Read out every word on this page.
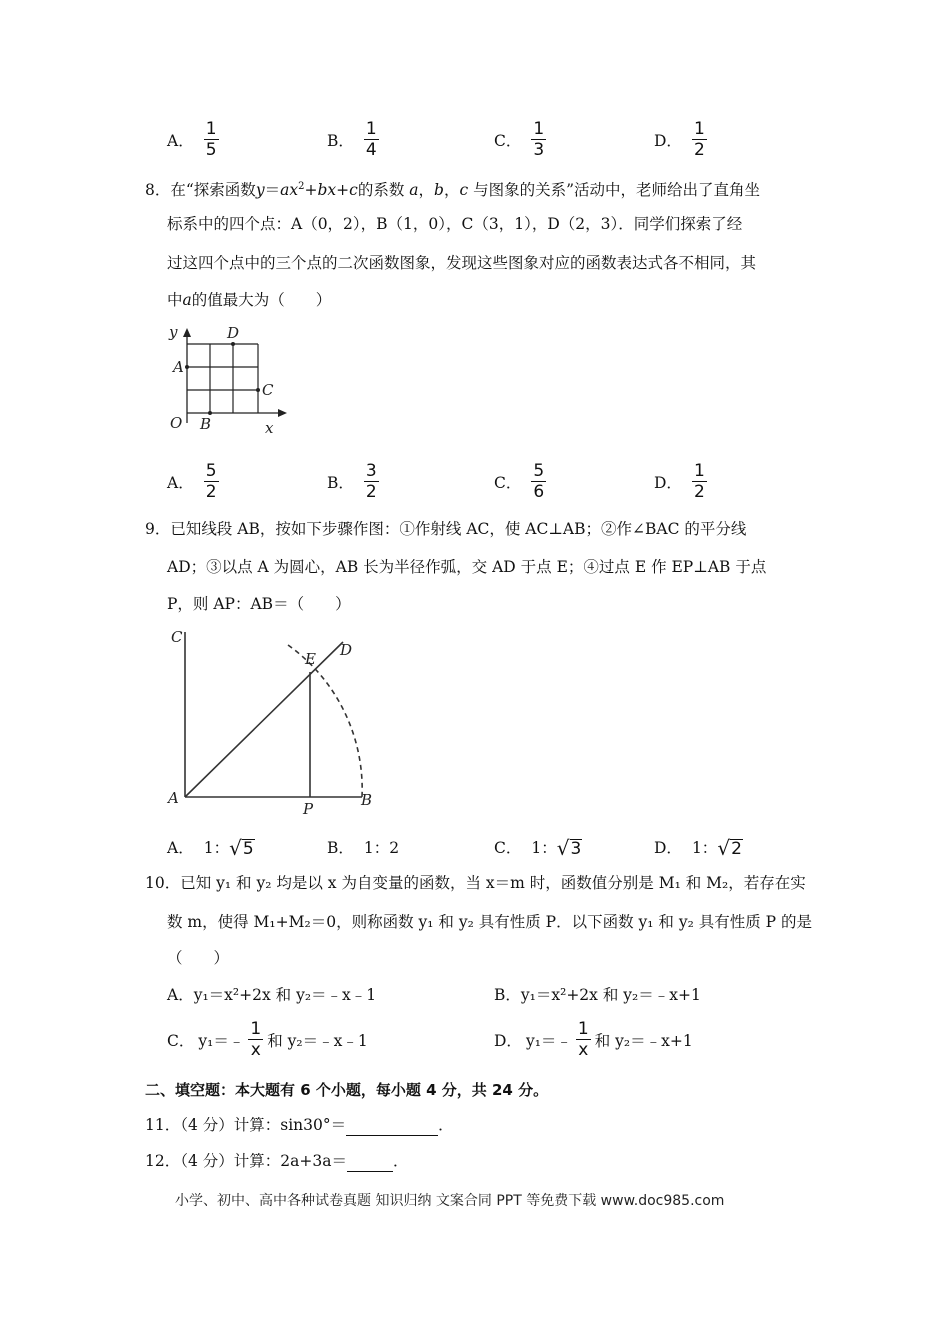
A． $\frac{1}{5}$	B． $\frac{1}{4}$	C． $\frac{1}{3}$	D． $\frac{1}{2}$
8．在“探索函数$y=ax^2+bx+c$的系数 a，b，c 与图象的关系”活动中，老师给出了直角坐
标系中的四个点：A（0，2），B（1，0），C（3，1），D（2，3）．同学们探索了经
过这四个点中的三个点的二次函数图象，发现这些图象对应的函数表达式各不相同，其
中a的值最大为（　　）
y
x
O
A
B
C
D
A． $\frac{5}{2}$	B． $\frac{3}{2}$	C． $\frac{5}{6}$	D． $\frac{1}{2}$
9．已知线段 AB，按如下步骤作图：①作射线 AC，使 AC⊥AB；②作∠BAC 的平分线
AD；③以点 A 为圆心，AB 长为半径作弧，交 AD 于点 E；④过点 E 作 EP⊥AB 于点
P，则 AP：AB＝（　　）
C
A	B
P
E D
A． 1： √ 5	B． 1：2	C． 1： √ 3	D． 1： √ 2
10．已知 y₁ 和 y₂ 均是以 x 为自变量的函数，当 x＝m 时，函数值分别是 M₁ 和 M₂，若存在实
数 m，使得 M₁+M₂＝0，则称函数 y₁ 和 y₂ 具有性质 P．以下函数 y₁ 和 y₂ 具有性质 P 的是
（　　）
A．y₁＝x²+2x 和 y₂＝﹣x﹣1	B．y₁＝x²+2x 和 y₂＝﹣x+1
C． y₁＝﹣ $\frac{1}{x}$ 和 y₂＝﹣x﹣1	D． y₁＝﹣ $\frac{1}{x}$ 和 y₂＝﹣x+1
二、填空题：本大题有 6 个小题，每小题 4 分，共 24 分。
11．（4 分）计算：sin30°＝	．
12．（4 分）计算：2a+3a＝	．
小学、初中、高中各种试卷真题 知识归纳 文案合同 PPT 等免费下载 www.doc985.com
